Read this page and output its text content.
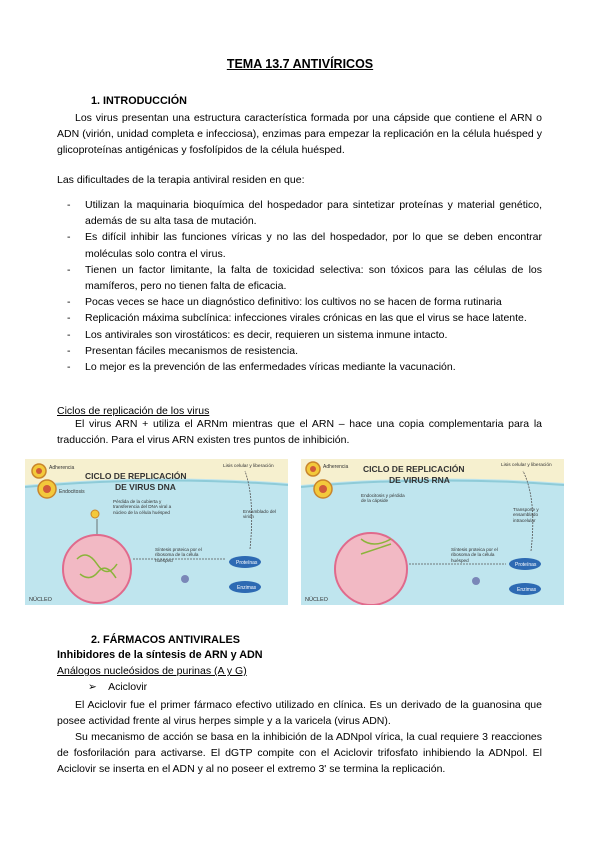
TEMA 13.7 ANTIVÍRICOS
1. INTRODUCCIÓN
Los virus presentan una estructura característica formada por una cápside que contiene el ARN o ADN (virión, unidad completa e infecciosa), enzimas para empezar la replicación en la célula huésped y glicoproteínas antigénicas y fosfolípidos de la célula huésped.
Las dificultades de la terapia antiviral residen en que:
- Utilizan la maquinaria bioquímica del hospedador para sintetizar proteínas y material genético, además de su alta tasa de mutación.
- Es difícil inhibir las funciones víricas y no las del hospedador, por lo que se deben encontrar moléculas solo contra el virus.
- Tienen un factor limitante, la falta de toxicidad selectiva: son tóxicos para las células de los mamíferos, pero no tienen falta de eficacia.
- Pocas veces se hace un diagnóstico definitivo: los cultivos no se hacen de forma rutinaria
- Replicación máxima subclínica: infecciones virales crónicas en las que el virus se hace latente.
- Los antivirales son virostáticos: es decir, requieren un sistema inmune intacto.
- Presentan fáciles mecanismos de resistencia.
- Lo mejor es la prevención de las enfermedades víricas mediante la vacunación.
Ciclos de replicación de los virus
El virus ARN + utiliza el ARNm mientras que el ARN – hace una copia complementaria para la traducción. Para el virus ARN existen tres puntos de inhibición.
Adherencia	Lisis celular y liberación
CICLO DE REPLICACIÓN
DE VIRUS DNA
Endocitosis
Pérdida de la cubierta y transferencia del DNA viral a núcleo de la célula huésped
NÚCLEO
Síntesis proteica por el ribosoma de la célula huésped	Proteínas
Enzimas
Ensamblado del virión
Adherencia	Lisis celular y liberación
CICLO DE REPLICACIÓN
DE VIRUS RNA
Endocitosis y pérdida de la cápside
NÚCLEO
Síntesis proteica por el ribosoma de la célula huésped
Proteínas
Enzimas
Transporte y ensamblado intracelular
2. FÁRMACOS ANTIVIRALES
Inhibidores de la síntesis de ARN y ADN
Análogos nucleósidos de purinas (A y G)
➢ Aciclovir
El Aciclovir fue el primer fármaco efectivo utilizado en clínica. Es un derivado de la guanosina que posee actividad frente al virus herpes simple y a la varicela (virus ADN).
Su mecanismo de acción se basa en la inhibición de la ADNpol vírica, la cual requiere 3 reacciones de fosforilación para activarse. El dGTP compite con el Aciclovir trifosfato inhibiendo la ADNpol. El Aciclovir se inserta en el ADN y al no poseer el extremo 3' se termina la replicación.
